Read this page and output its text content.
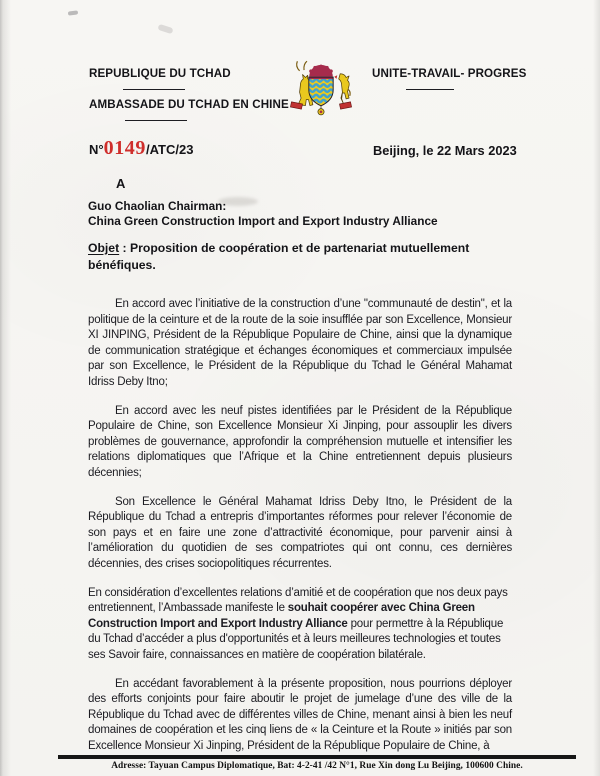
REPUBLIQUE DU TCHAD
AMBASSADE DU TCHAD EN CHINE
UNITE-TRAVAIL- PROGRES
N° 0149 /ATC/23	Beijing, le 22 Mars 2023
A
Guo Chaolian Chairman:
China Green Construction Import and Export Industry Alliance
Objet : Proposition de coopération et de partenariat mutuellement bénéfiques.

En accord avec l’initiative de la construction d’une "communauté de destin", et la politique de la ceinture et de la route de la soie insufflée par son Excellence, Monsieur XI JINPING, Président de la République Populaire de Chine, ainsi que la dynamique de communication stratégique et échanges économiques et commerciaux impulsée par son Excellence, le Président de la République du Tchad le Général Mahamat Idriss Deby Itno;

En accord avec les neuf pistes identifiées par le Président de la République Populaire de Chine, son Excellence Monsieur Xi Jinping, pour assouplir les divers problèmes de gouvernance, approfondir la compréhension mutuelle et intensifier les relations diplomatiques que l’Afrique et la Chine entretiennent depuis plusieurs décennies;

Son Excellence le Général Mahamat Idriss Deby Itno, le Président de la République du Tchad a entrepris d’importantes réformes pour relever l’économie de son pays et en faire une zone d’attractivité économique, pour parvenir ainsi à l’amélioration du quotidien de ses compatriotes qui ont connu, ces dernières décennies, des crises sociopolitiques récurrentes.

En considération d’excellentes relations d’amitié et de coopération que nos deux pays entretiennent, l’Ambassade manifeste le souhait coopérer avec China Green Construction Import and Export Industry Alliance pour permettre à la République du Tchad d’accéder a plus d'opportunités et à leurs meilleures technologies et toutes ses Savoir faire, connaissances en matière de coopération bilatérale.

En accédant favorablement à la présente proposition, nous pourrions déployer des efforts conjoints pour faire aboutir le projet de jumelage d’une des ville de la République du Tchad avec de différentes villes de Chine, menant ainsi à bien les neuf domaines de coopération et les cinq liens de « la Ceinture et la Route » initiés par son Excellence Monsieur Xi Jinping, Président de la République Populaire de Chine, à

Adresse: Tayuan Campus Diplomatique, Bat: 4-2-41 /42 N°1, Rue Xin dong Lu Beijing, 100600 Chine.
